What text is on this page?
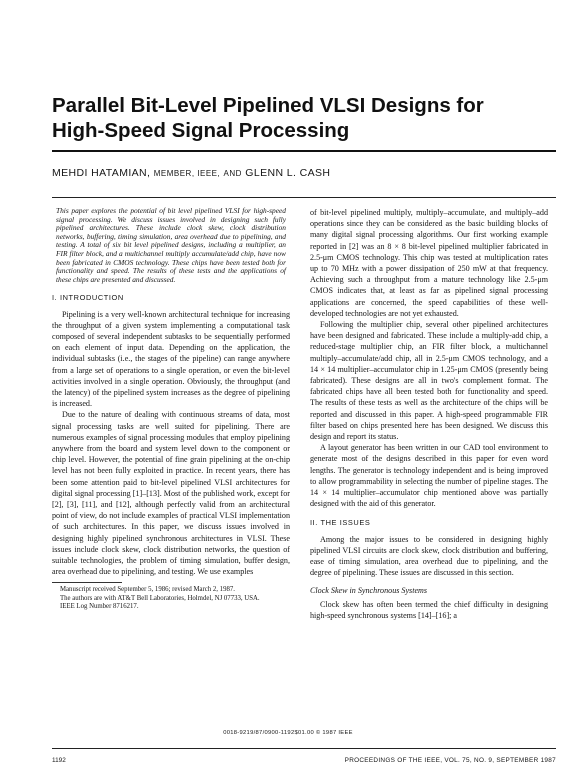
Parallel Bit-Level Pipelined VLSI Designs for
High-Speed Signal Processing

MEHDI HATAMIAN, MEMBER, IEEE, AND GLENN L. CASH

This paper explores the potential of bit level pipelined VLSI for high-speed signal processing. We discuss issues involved in designing such fully pipelined architectures. These include clock skew, clock distribution networks, buffering, timing simulation, area overhead due to pipelining, and testing. A total of six bit level pipelined designs, including a multiplier, an FIR filter block, and a multichannel multiply accumulate/add chip, have now been fabricated in CMOS technology. These chips have been tested both for functionality and speed. The results of these tests and the applications of these chips are presented and discussed.

I. INTRODUCTION

Pipelining is a very well-known architectural technique for increasing the throughput of a given system implementing a computational task composed of several independent subtasks to be sequentially performed on each element of input data. Depending on the application, the individual subtasks (i.e., the stages of the pipeline) can range anywhere from a large set of operations to a single operation, or even the bit-level activities involved in a single operation. Obviously, the throughput (and the latency) of the pipelined system increases as the degree of pipelining is increased.

Due to the nature of dealing with continuous streams of data, most signal processing tasks are well suited for pipelining. There are numerous examples of signal processing modules that employ pipelining anywhere from the board and system level down to the component or chip level. However, the potential of fine grain pipelining at the on-chip level has not been fully exploited in practice. In recent years, there has been some attention paid to bit-level pipelined VLSI architectures for digital signal processing [1]–[13]. Most of the published work, except for [2], [3], [11], and [12], although perfectly valid from an architectural point of view, do not include examples of practical VLSI implementation of such architectures. In this paper, we discuss issues involved in designing highly pipelined synchronous architectures in VLSI. These issues include clock skew, clock distribution networks, the question of suitable technologies, the problem of timing simulation, buffer design, area overhead due to pipelining, and testing. We use examples

Manuscript received September 5, 1986; revised March 2, 1987.

The authors are with AT&T Bell Laboratories, Holmdel, NJ 07733, USA.

IEEE Log Number 8716217.

of bit-level pipelined multiply, multiply–accumulate, and multiply–add operations since they can be considered as the basic building blocks of many digital signal processing algorithms. Our first working example reported in [2] was an 8 × 8 bit-level pipelined multiplier fabricated in 2.5-μm CMOS technology. This chip was tested at multiplication rates up to 70 MHz with a power dissipation of 250 mW at that frequency. Achieving such a throughput from a mature technology like 2.5-μm CMOS indicates that, at least as far as pipelined signal processing applications are concerned, the speed capabilities of these well-developed technologies are not yet exhausted.

Following the multiplier chip, several other pipelined architectures have been designed and fabricated. These include a multiply-add chip, a reduced-stage multiplier chip, an FIR filter block, a multichannel multiply–accumulate/add chip, all in 2.5-μm CMOS technology, and a 14 × 14 multiplier–accumulator chip in 1.25-μm CMOS (presently being fabricated). These designs are all in two's complement format. The fabricated chips have all been tested both for functionality and speed. The results of these tests as well as the architecture of the chips will be reported and discussed in this paper. A high-speed programmable FIR filter based on chips presented here has been designed. We discuss this design and report its status.

A layout generator has been written in our CAD tool environment to generate most of the designs described in this paper for even word lengths. The generator is technology independent and is being improved to allow programmability in selecting the number of pipeline stages. The 14 × 14 multiplier–accumulator chip mentioned above was partially designed with the aid of this generator.

II. THE ISSUES

Among the major issues to be considered in designing highly pipelined VLSI circuits are clock skew, clock distribution and buffering, ease of timing simulation, area overhead due to pipelining, and the degree of pipelining. These issues are discussed in this section.

Clock Skew in Synchronous Systems

Clock skew has often been termed the chief difficulty in designing high-speed synchronous systems [14]–[16]; a

0018-9219/87/0900-1192$01.00 © 1987 IEEE
1192	PROCEEDINGS OF THE IEEE, VOL. 75, NO. 9, SEPTEMBER 1987
